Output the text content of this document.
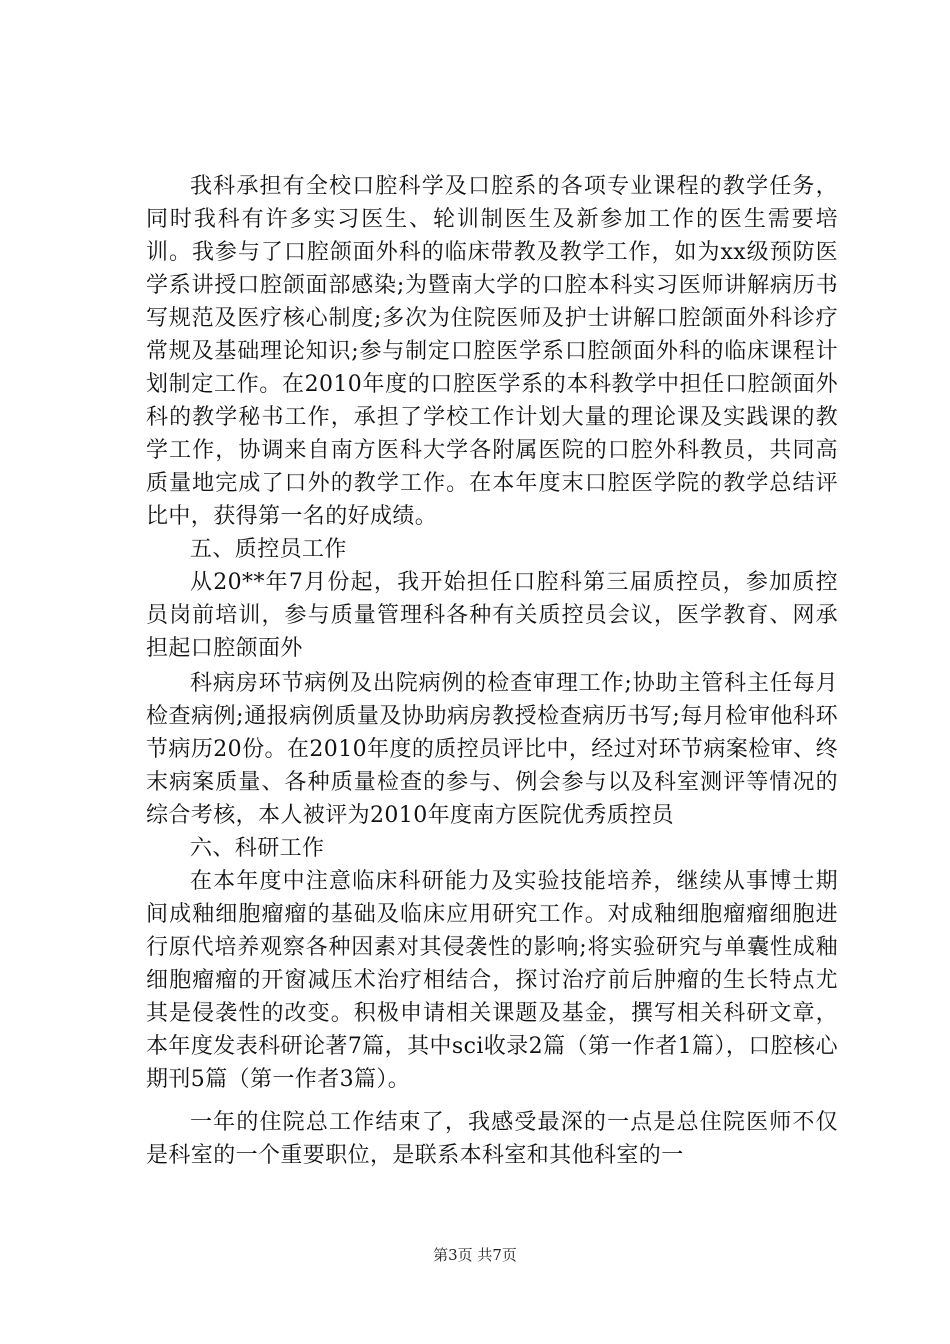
我科承担有全校口腔科学及口腔系的各项专业课程的教学任务，同时我科有许多实习医生、轮训制医生及新参加工作的医生需要培训。我参与了口腔颌面外科的临床带教及教学工作，如为xx级预防医学系讲授口腔颌面部感染;为暨南大学的口腔本科实习医师讲解病历书写规范及医疗核心制度;多次为住院医师及护士讲解口腔颌面外科诊疗常规及基础理论知识;参与制定口腔医学系口腔颌面外科的临床课程计划制定工作。在2010年度的口腔医学系的本科教学中担任口腔颌面外科的教学秘书工作，承担了学校工作计划大量的理论课及实践课的教学工作，协调来自南方医科大学各附属医院的口腔外科教员，共同高质量地完成了口外的教学工作。在本年度末口腔医学院的教学总结评比中，获得第一名的好成绩。

五、质控员工作

从20**年7月份起，我开始担任口腔科第三届质控员，参加质控员岗前培训，参与质量管理科各种有关质控员会议，医学教育、网承担起口腔颌面外

科病房环节病例及出院病例的检查审理工作;协助主管科主任每月检查病例;通报病例质量及协助病房教授检查病历书写;每月检审他科环节病历20份。在2010年度的质控员评比中，经过对环节病案检审、终末病案质量、各种质量检查的参与、例会参与以及科室测评等情况的综合考核，本人被评为2010年度南方医院优秀质控员

六、科研工作

在本年度中注意临床科研能力及实验技能培养，继续从事博士期间成釉细胞瘤瘤的基础及临床应用研究工作。对成釉细胞瘤瘤细胞进行原代培养观察各种因素对其侵袭性的影响;将实验研究与单囊性成釉细胞瘤瘤的开窗减压术治疗相结合，探讨治疗前后肿瘤的生长特点尤其是侵袭性的改变。积极申请相关课题及基金，撰写相关科研文章，本年度发表科研论著7篇，其中sci收录2篇（第一作者1篇），口腔核心期刊5篇（第一作者3篇）。

一年的住院总工作结束了，我感受最深的一点是总住院医师不仅是科室的一个重要职位，是联系本科室和其他科室的一

第3页 共7页
